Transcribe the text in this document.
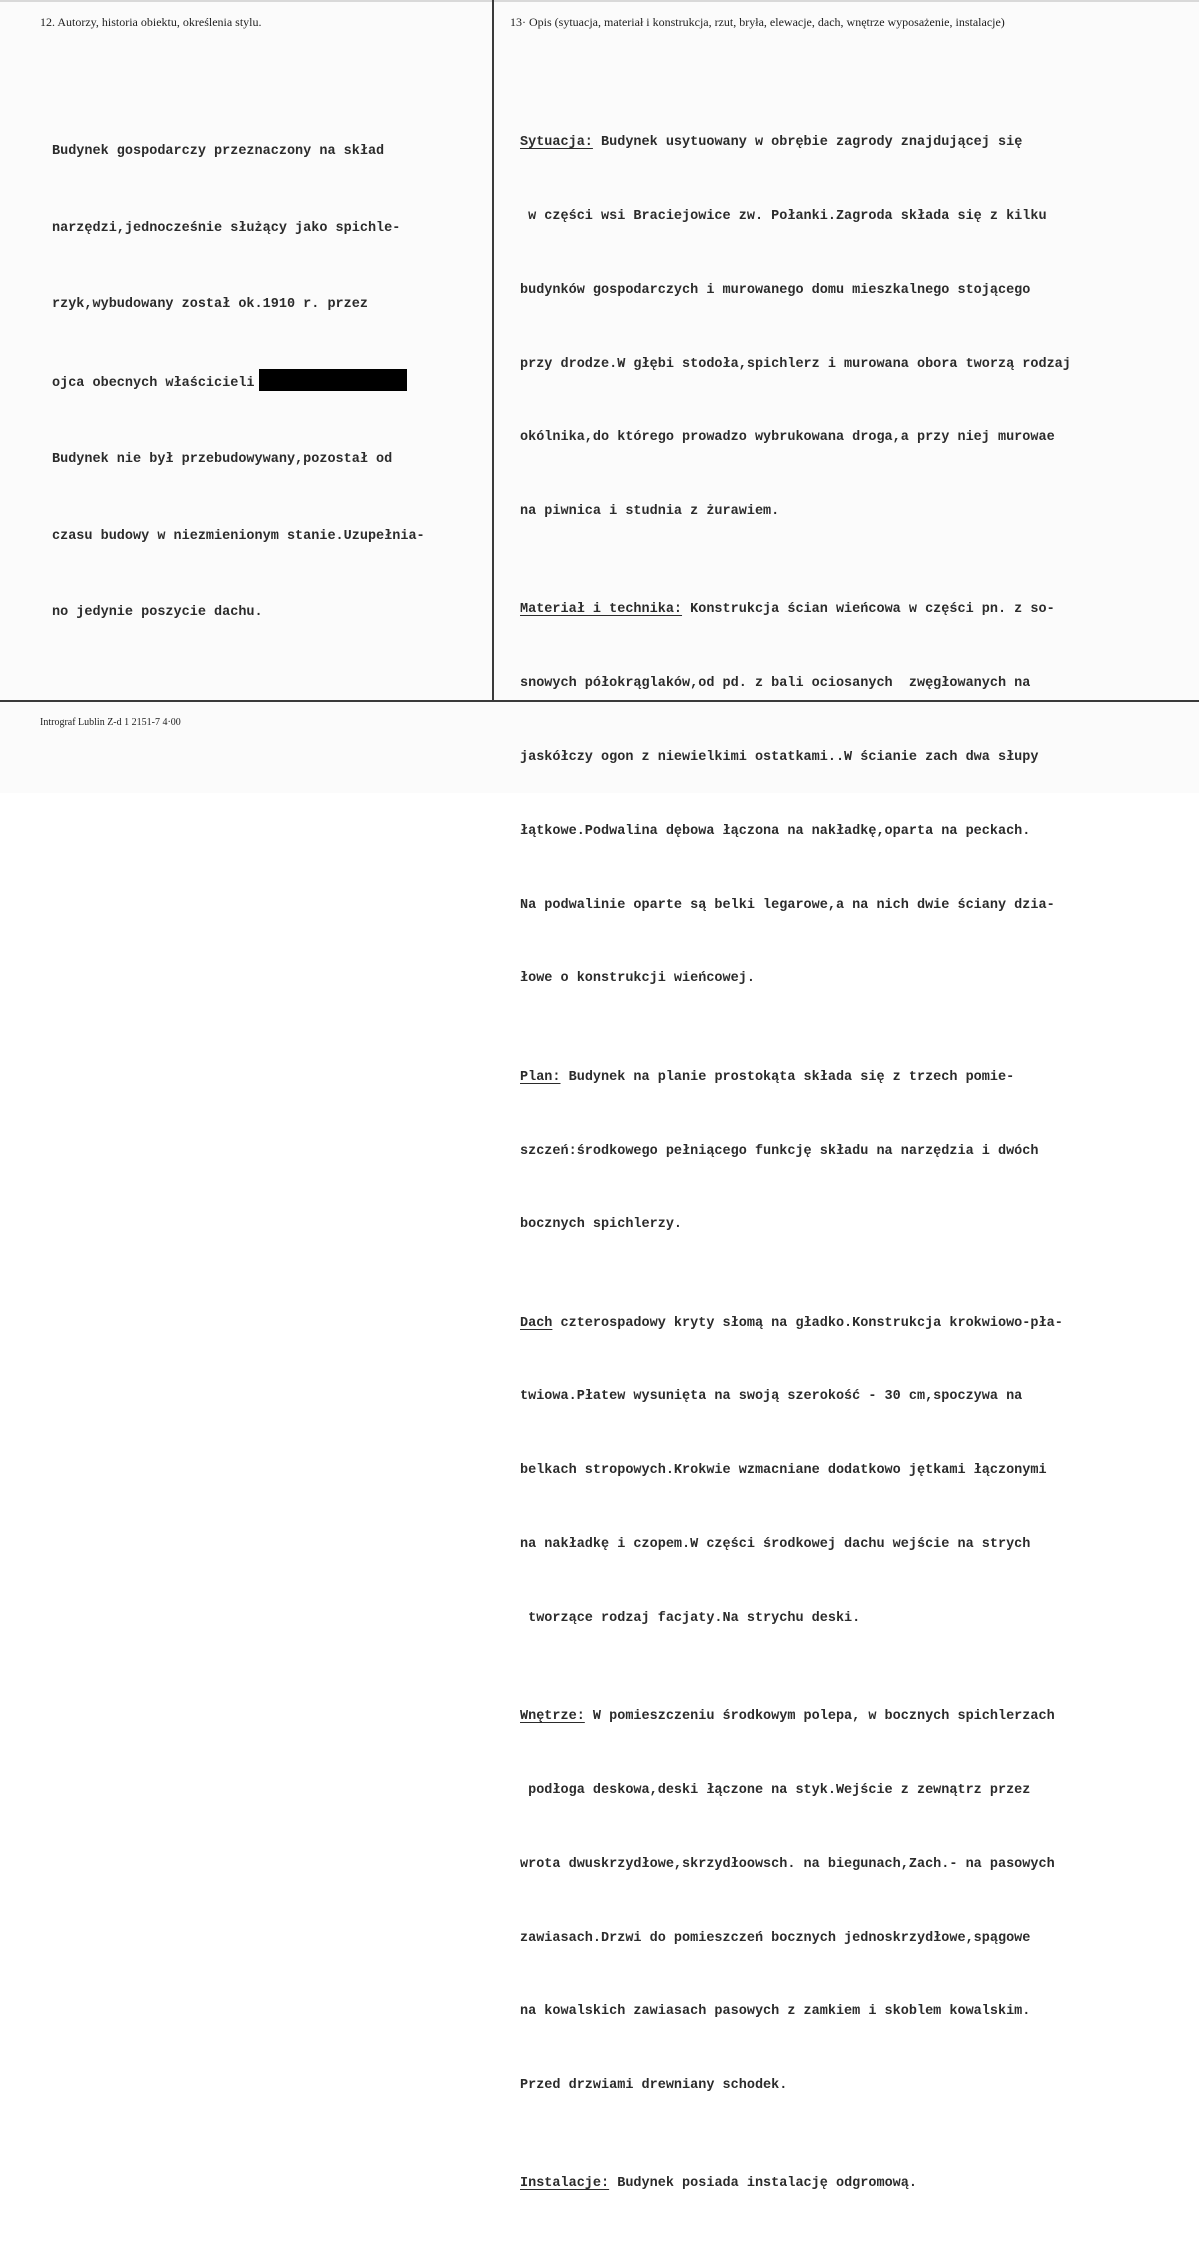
12. Autorzy, historia obiektu, określenia stylu.	13· Opis (sytuacja, materiał i konstrukcja, rzut, bryła, elewacje, dach, wnętrze wyposażenie, instalacje)

Budynek gospodarczy przeznaczony na skład

narzędzi,jednocześnie służący jako spichle-

rzyk,wybudowany został ok.1910 r. przez

ojca obecnych właścicieli

Budynek nie był przebudowywany,pozostał od

czasu budowy w niezmienionym stanie.Uzupełnia-

no jedynie poszycie dachu.

Sytuacja: Budynek usytuowany w obrębie zagrody znajdującej się

w części wsi Braciejowice zw. Połanki.Zagroda składa się z kilku

budynków gospodarczych i murowanego domu mieszkalnego stojącego

przy drodze.W głębi stodoła,spichlerz i murowana obora tworzą rodzaj

okólnika,do którego prowadzo wybrukowana droga,a przy niej murowae

na piwnica i studnia z żurawiem.

Materiał i technika: Konstrukcja ścian wieńcowa w części pn. z so-

snowych półokrąglaków,od pd. z bali ociosanych  zwęgłowanych na

jaskółczy ogon z niewielkimi ostatkami..W ścianie zach dwa słupy

łątkowe.Podwalina dębowa łączona na nakładkę,oparta na peckach.

Na podwalinie oparte są belki legarowe,a na nich dwie ściany dzia-

łowe o konstrukcji wieńcowej.

Plan: Budynek na planie prostokąta składa się z trzech pomie-

szczeń:środkowego pełniącego funkcję składu na narzędzia i dwóch

bocznych spichlerzy.

Dach czterospadowy kryty słomą na gładko.Konstrukcja krokwiowo-pła-

twiowa.Płatew wysunięta na swoją szerokość - 30 cm,spoczywa na

belkach stropowych.Krokwie wzmacniane dodatkowo jętkami łączonymi

na nakładkę i czopem.W części środkowej dachu wejście na strych

tworzące rodzaj facjaty.Na strychu deski.

Wnętrze: W pomieszczeniu środkowym polepa, w bocznych spichlerzach

podłoga deskowa,deski łączone na styk.Wejście z zewnątrz przez

wrota dwuskrzydłowe,skrzydłoowsch. na biegunach,Zach.- na pasowych

zawiasach.Drzwi do pomieszczeń bocznych jednoskrzydłowe,spągowe

na kowalskich zawiasach pasowych z zamkiem i skoblem kowalskim.

Przed drzwiami drewniany schodek.

Instalacje: Budynek posiada instalację odgromową.

Intrograf Lublin Z-d 1 2151-7 4·00
